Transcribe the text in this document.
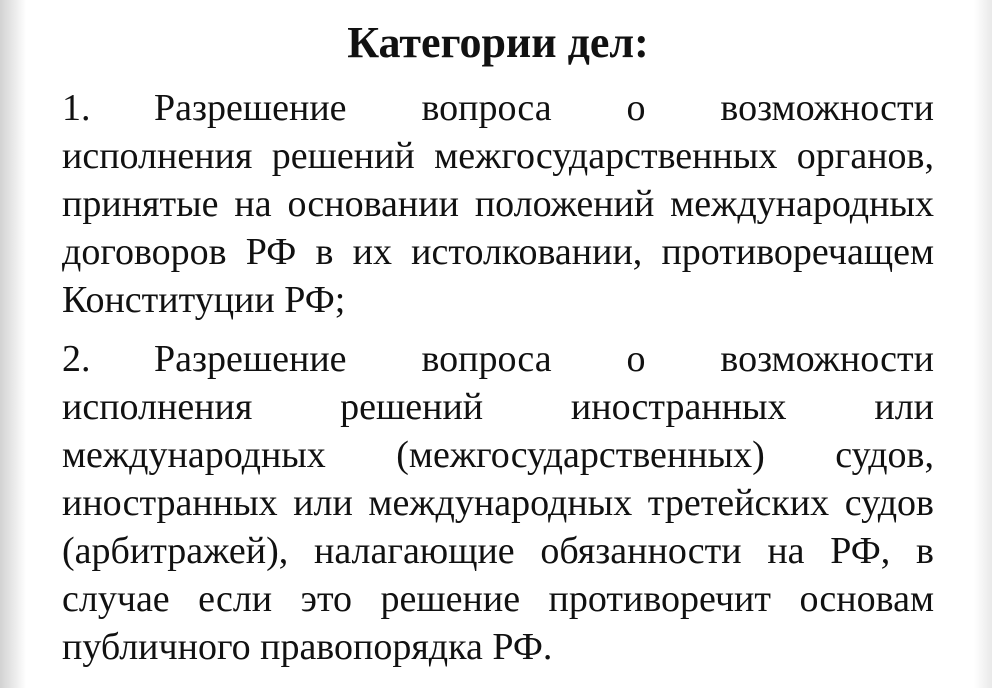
Категории дел:
1. Разрешение вопроса о возможности исполнения решений межгосударственных органов, принятые на основании положений международных договоров РФ в их истолковании, противоречащем Конституции РФ;
2. Разрешение вопроса о возможности исполнения решений иностранных или международных (межгосударственных) судов, иностранных или международных третейских судов (арбитражей), налагающие обязанности на РФ, в случае если это решение противоречит основам публичного правопорядка РФ.
